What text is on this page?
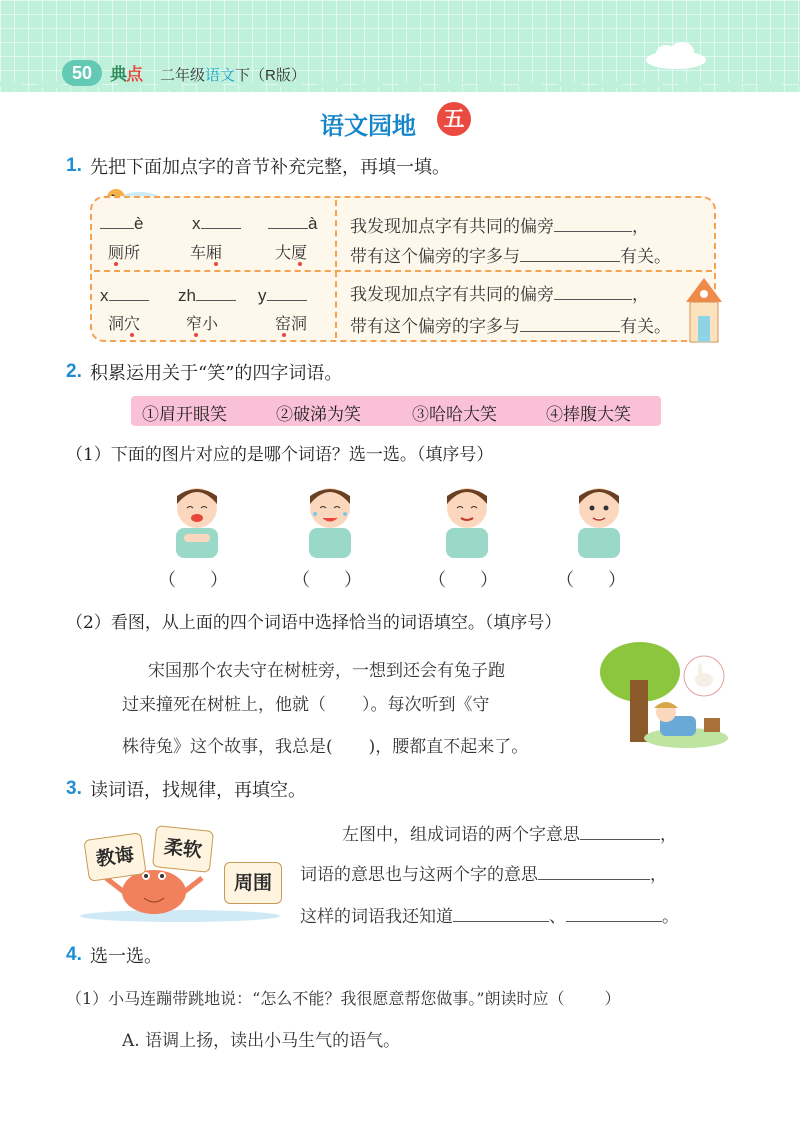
50	典点 二年级语文下（R版）
语文园地	五
1. 先把下面加点字的音节补充完整，再填一填。
è	x	à
厕所	车厢	大厦
我发现加点字有共同的偏旁	，
带有这个偏旁的字多与	有关。
x	zh	y
洞穴	窄小	窑洞
我发现加点字有共同的偏旁	，
带有这个偏旁的字多与	有关。
2. 积累运用关于“笑”的四字词语。
①眉开眼笑	②破涕为笑	③哈哈大笑	④捧腹大笑
（1）下面的图片对应的是哪个词语？选一选。（填序号）
（ ）	（ ）	（ ）	（ ）
（2）看图，从上面的四个词语中选择恰当的词语填空。（填序号）
宋国那个农夫守在树桩旁，一想到还会有兔子跑
过来撞死在树桩上，他就（ ）。每次听到《守
株待兔》这个故事，我总是( )，腰都直不起来了。
3. 读词语，找规律，再填空。
教诲	柔软
周围
左图中，组成词语的两个字意思	，
词语的意思也与这两个字的意思	，
这样的词语我还知道	、	。
4. 选一选。
（1）小马连蹦带跳地说：“怎么不能？我很愿意帮您做事。”朗读时应（	）
A. 语调上扬，读出小马生气的语气。
